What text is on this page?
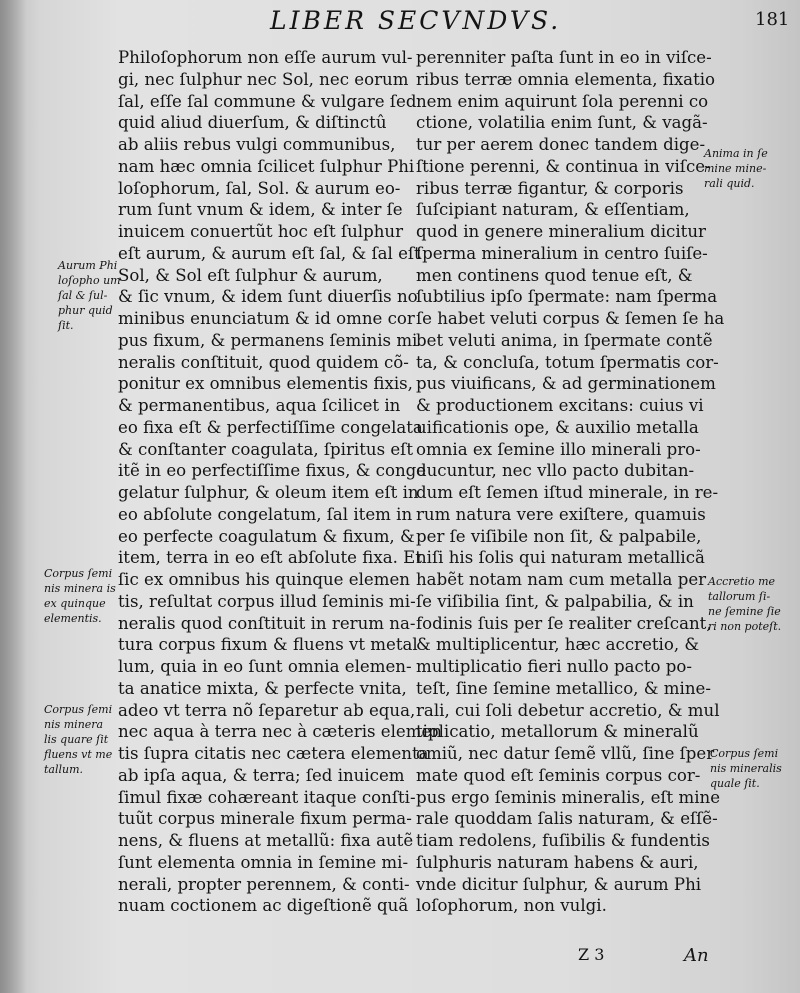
LIBER SECVNDVS.	181
Philoſophorum non eſſe aurum vul-
gi, nec ſulphur nec Sol, nec eorum
ſal, eſſe ſal commune & vulgare ſed
quid aliud diuerſum, & diſtinctû
ab aliis rebus vulgi communibus,
nam hæc omnia ſcilicet ſulphur Phi
loſophorum, ſal, Sol. & aurum eo-
rum ſunt vnum & idem, & inter ſe
inuicem conuertũt hoc eſt ſulphur
eſt aurum, & aurum eſt ſal, & ſal eſt
Sol, & Sol eſt ſulphur & aurum,
& ſic vnum, & idem ſunt diuerſis no
minibus enunciatum & id omne cor
pus fixum, & permanens ſeminis mi
neralis conſtituit, quod quidem cõ-
ponitur ex omnibus elementis fixis,
& permanentibus, aqua ſcilicet in
eo fixa eſt & perfectiſſime congelata
& conſtanter coagulata, ſpiritus eſt
itẽ in eo perfectiſſime fixus, & conge
gelatur ſulphur, & oleum item eſt in
eo abſolute congelatum, ſal item in
eo perfecte coagulatum & fixum, &
item, terra in eo eſt abſolute fixa. Et
ſic ex omnibus his quinque elemen
tis, reſultat corpus illud ſeminis mi-
neralis quod conſtituit in rerum na-
tura corpus fixum & fluens vt metal
lum, quia in eo ſunt omnia elemen-
ta anatice mixta, & perfecte vnita,
adeo vt terra nõ ſeparetur ab equa,
nec aqua à terra nec à cæteris elemen
tis ſupra citatis nec cætera elementa
ab ipſa aqua, & terra; ſed inuicem
ſimul fixæ cohæreant itaque conſti-
tuũt corpus minerale fixum perma-
nens, & fluens at metallũ: fixa autẽ
ſunt elementa omnia in ſemine mi-
nerali, propter perennem, & conti-
nuam coctionem ac digeſtionẽ quã
perenniter paſta ſunt in eo in viſce-
ribus terræ omnia elementa, fixatio
nem enim aquirunt ſola perenni co
ctione, volatilia enim ſunt, & vagã-
tur per aerem donec tandem dige-
ſtione perenni, & continua in viſce-
ribus terræ figantur, & corporis
ſuſcipiant naturam, & eſſentiam,
quod in genere mineralium dicitur
ſperma mineralium in centro ſuiſe-
men continens quod tenue eſt, &
ſubtilius ipſo ſpermate: nam ſperma
ſe habet veluti corpus & ſemen ſe ha
bet veluti anima, in ſpermate contẽ
ta, & concluſa, totum ſpermatis cor-
pus viuificans, & ad germinationem
& productionem excitans: cuius vi
uificationis ope, & auxilio metalla
omnia ex ſemine illo minerali pro-
ducuntur, nec vllo pacto dubitan-
dum eſt ſemen iſtud minerale, in re-
rum natura vere exiſtere, quamuis
per ſe viſibile non ſit, & palpabile,
niſi his ſolis qui naturam metallicã
habẽt notam nam cum metalla per
ſe viſibilia ſint, & palpabilia, & in
fodinis ſuis per ſe realiter creſcant,
& multiplicentur, hæc accretio, &
multiplicatio fieri nullo pacto po-
teſt, ſine ſemine metallico, & mine-
rali, cui ſoli debetur accretio, & mul
tiplicatio, metallorum & mineralũ
omiũ, nec datur ſemẽ vllũ, ſine ſper
mate quod eſt ſeminis corpus cor-
pus ergo ſeminis mineralis, eſt mine
rale quoddam ſalis naturam, & eſſẽ-
tiam redolens, fuſibilis & fundentis
ſulphuris naturam habens & auri,
vnde dicitur ſulphur, & aurum Phi
loſophorum, non vulgi.
Aurum Phi
loſopho um
ſal & ſul-
phur quid
ſit.
Corpus ſemi
nis minera is
ex quinque
elementis.
Corpus ſemi
nis minera
lis quare ſit
fluens vt me
tallum.
Anima in ſe
mine mine-
rali quid.
Accretio me
tallorum ſi-
ne ſemine ſie
ri non poteſt.
Corpus ſemi
nis mineralis
quale ſit.
Z 3	An
